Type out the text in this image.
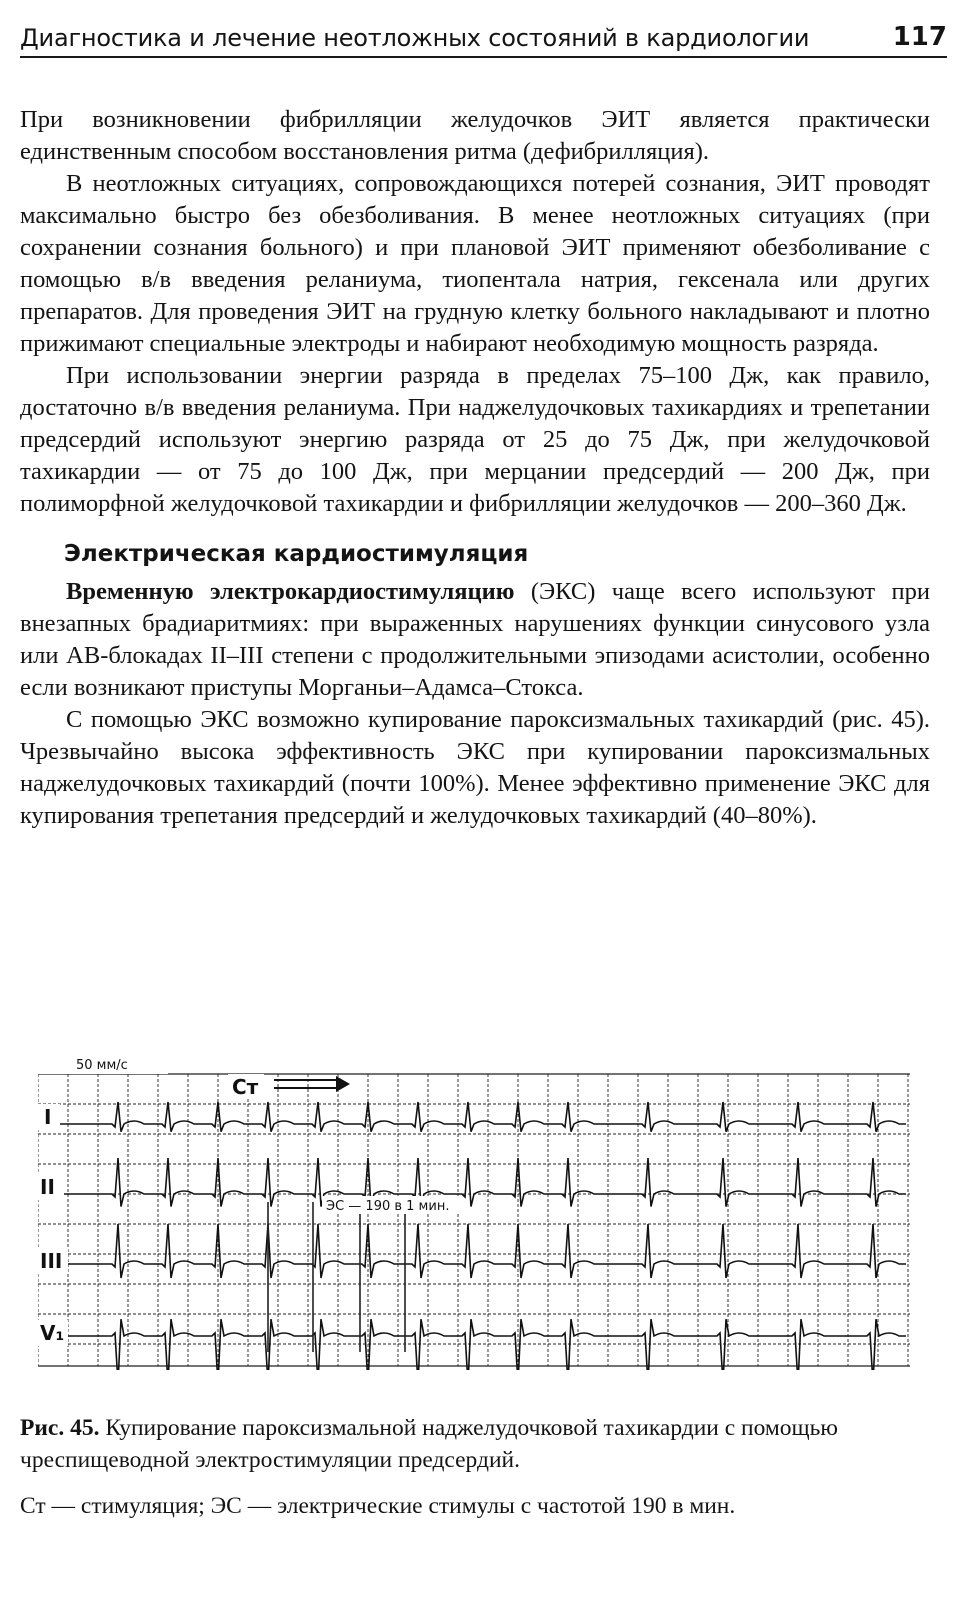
Диагностика и лечение неотложных состояний в кардиологии	117

При возникновении фибрилляции желудочков ЭИТ является практически единственным способом восстановления ритма (дефибрилляция).

В неотложных ситуациях, сопровождающихся потерей сознания, ЭИТ проводят максимально быстро без обезболивания. В менее неотложных ситуациях (при сохранении сознания больного) и при плановой ЭИТ применяют обезболивание с помощью в/в введения реланиума, тиопентала натрия, гексенала или других препаратов. Для проведения ЭИТ на грудную клетку больного накладывают и плотно прижимают специальные электроды и набирают необходимую мощность разряда.

При использовании энергии разряда в пределах 75–100 Дж, как правило, достаточно в/в введения реланиума. При наджелудочковых тахикардиях и трепетании предсердий используют энергию разряда от 25 до 75 Дж, при желудочковой тахикардии — от 75 до 100 Дж, при мерцании предсердий — 200 Дж, при полиморфной желудочковой тахикардии и фибрилляции желудочков — 200–360 Дж.

Электрическая кардиостимуляция

Временную электрокардиостимуляцию (ЭКС) чаще всего используют при внезапных брадиаритмиях: при выраженных нарушениях функции синусового узла или АВ-блокадах II–III степени с продолжительными эпизодами асистолии, особенно если возникают приступы Морганьи–Адамса–Стокса.

С помощью ЭКС возможно купирование пароксизмальных тахикардий (рис. 45). Чрезвычайно высока эффективность ЭКС при купировании пароксизмальных наджелудочковых тахикардий (почти 100%). Менее эффективно применение ЭКС для купирования трепетания предсердий и желудочковых тахикардий (40–80%).

50 мм/с
Ст
ЭС — 190 в 1 мин.
I
II
III
V₁

Рис. 45. Купирование пароксизмальной наджелудочковой тахикардии с помощью чреспищеводной электростимуляции предсердий.

Ст — стимуляция; ЭС — электрические стимулы с частотой 190 в мин.
